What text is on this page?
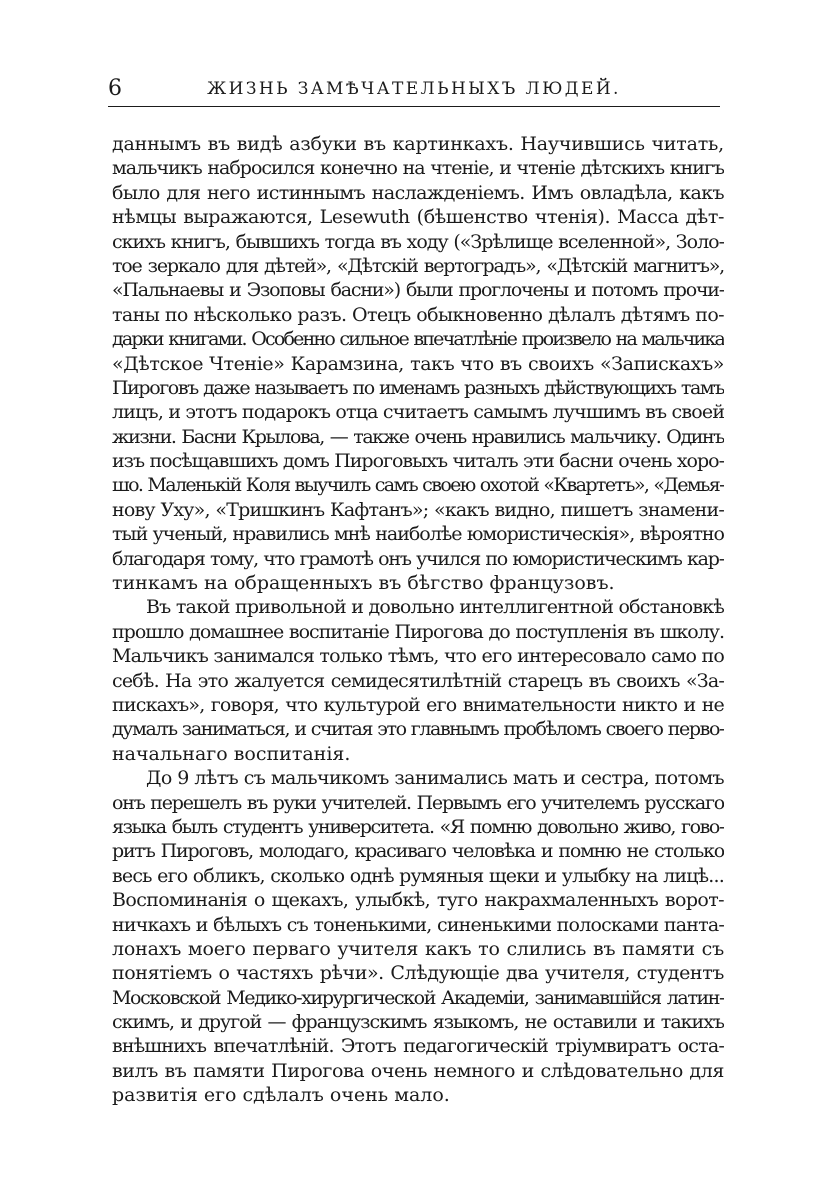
6	ЖИЗНЬ ЗАМѢЧАТЕЛЬНЫХЪ ЛЮДЕЙ.
даннымъ въ видѣ азбуки въ картинкахъ. Научившись читать,
мальчикъ набросился конечно на чтеніе, и чтеніе дѣтскихъ книгъ
было для него истиннымъ наслажденіемъ. Имъ овладѣла, какъ
нѣмцы выражаются, Lesewuth (бѣшенство чтенія). Масса дѣт-
скихъ книгъ, бывшихъ тогда въ ходу («Зрѣлище вселенной», Золо-
тое зеркало для дѣтей», «Дѣтскій вертоградъ», «Дѣтскій магнитъ»,
«Пальнаевы и Эзоповы басни») были проглочены и потомъ прочи-
таны по нѣсколько разъ. Отецъ обыкновенно дѣлалъ дѣтямъ по-
дарки книгами. Особенно сильное впечатлѣніе произвело на мальчика
«Дѣтское Чтеніе» Карамзина, такъ что въ своихъ «Запискахъ»
Пироговъ даже называетъ по именамъ разныхъ дѣйствующихъ тамъ
лицъ, и этотъ подарокъ отца считаетъ самымъ лучшимъ въ своей
жизни. Басни Крылова, — также очень нравились мальчику. Одинъ
изъ посѣщавшихъ домъ Пироговыхъ читалъ эти басни очень хоро-
шо. Маленькій Коля выучилъ самъ своею охотой «Квартетъ», «Демья-
нову Уху», «Тришкинъ Кафтанъ»; «какъ видно, пишетъ знамени-
тый ученый, нравились мнѣ наиболѣе юмористическія», вѣроятно
благодаря тому, что грамотѣ онъ учился по юмористическимъ кар-
тинкамъ на обращенныхъ въ бѣгство французовъ.
Въ такой привольной и довольно интеллигентной обстановкѣ
прошло домашнее воспитаніе Пирогова до поступленія въ школу.
Мальчикъ занимался только тѣмъ, что его интересовало само по
себѣ. На это жалуется семидесятилѣтній старецъ въ своихъ «За-
пискахъ», говоря, что культурой его внимательности никто и не
думалъ заниматься, и считая это главнымъ пробѣломъ своего перво-
начальнаго воспитанія.
До 9 лѣтъ съ мальчикомъ занимались мать и сестра, потомъ
онъ перешелъ въ руки учителей. Первымъ его учителемъ русскаго
языка былъ студентъ университета. «Я помню довольно живо, гово-
ритъ Пироговъ, молодаго, красиваго человѣка и помню не столько
весь его обликъ, сколько однѣ румяныя щеки и улыбку на лицѣ...
Воспоминанія о щекахъ, улыбкѣ, туго накрахмаленныхъ ворот-
ничкахъ и бѣлыхъ съ тоненькими, синенькими полосками панта-
лонахъ моего перваго учителя какъ то слились въ памяти съ
понятіемъ о частяхъ рѣчи». Слѣдующіе два учителя, студентъ
Московской Медико-хирургической Академіи, занимавшійся латин-
скимъ, и другой — французскимъ языкомъ, не оставили и такихъ
внѣшнихъ впечатлѣній. Этотъ педагогическій тріумвиратъ оста-
вилъ въ памяти Пирогова очень немного и слѣдовательно для
развитія его сдѣлалъ очень мало.
